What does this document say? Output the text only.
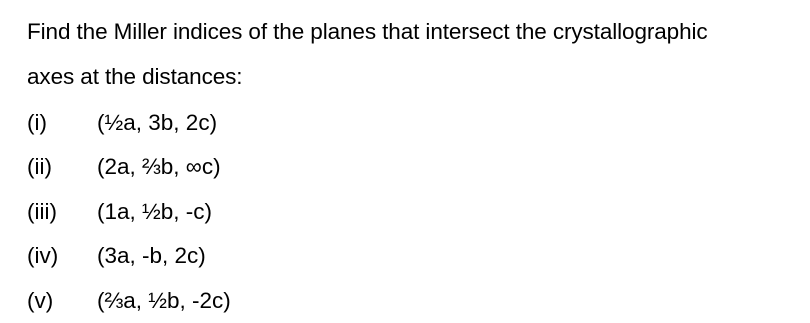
Find the Miller indices of the planes that intersect the crystallographic
axes at the distances:
(i) (½a, 3b, 2c)
(ii) (2a, ⅔b, ∞c)
(iii) (1a, ½b, -c)
(iv) (3a, -b, 2c)
(v) (⅔a, ½b, -2c)
